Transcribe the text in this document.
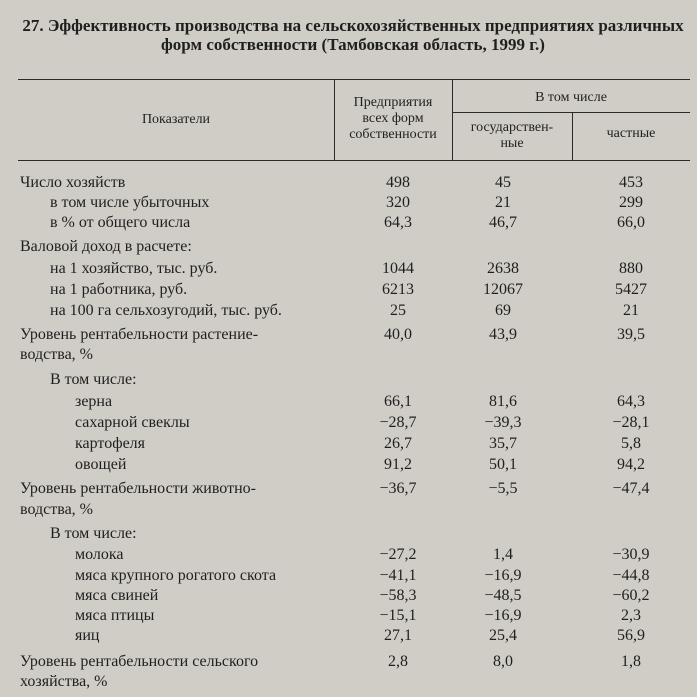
27. Эффективность производства на сельскохозяйственных предприятиях различных
форм собственности (Тамбовская область, 1999 г.)
Показатели
Предприятия
всех форм
собственности
В том числе
государствен-
ные
частные
Число хозяйств	498	45	453
в том числе убыточных	320	21	299
в % от общего числа	64,3	46,7	66,0
Валовой доход в расчете:
на 1 хозяйство, тыс. руб.	1044	2638	880
на 1 работника, руб.	6213	12067	5427
на 100 га сельхозугодий, тыс. руб.	25	69	21
Уровень рентабельности растение-	40,0	43,9	39,5
водства, %
В том числе:
зерна	66,1	81,6	64,3
сахарной свеклы	−28,7	−39,3	−28,1
картофеля	26,7	35,7	5,8
овощей	91,2	50,1	94,2
Уровень рентабельности животно-	−36,7	−5,5	−47,4
водства, %
В том числе:
молока	−27,2	1,4	−30,9
мяса крупного рогатого скота	−41,1	−16,9	−44,8
мяса свиней	−58,3	−48,5	−60,2
мяса птицы	−15,1	−16,9	2,3
яиц	27,1	25,4	56,9
Уровень рентабельности сельского	2,8	8,0	1,8
хозяйства, %
